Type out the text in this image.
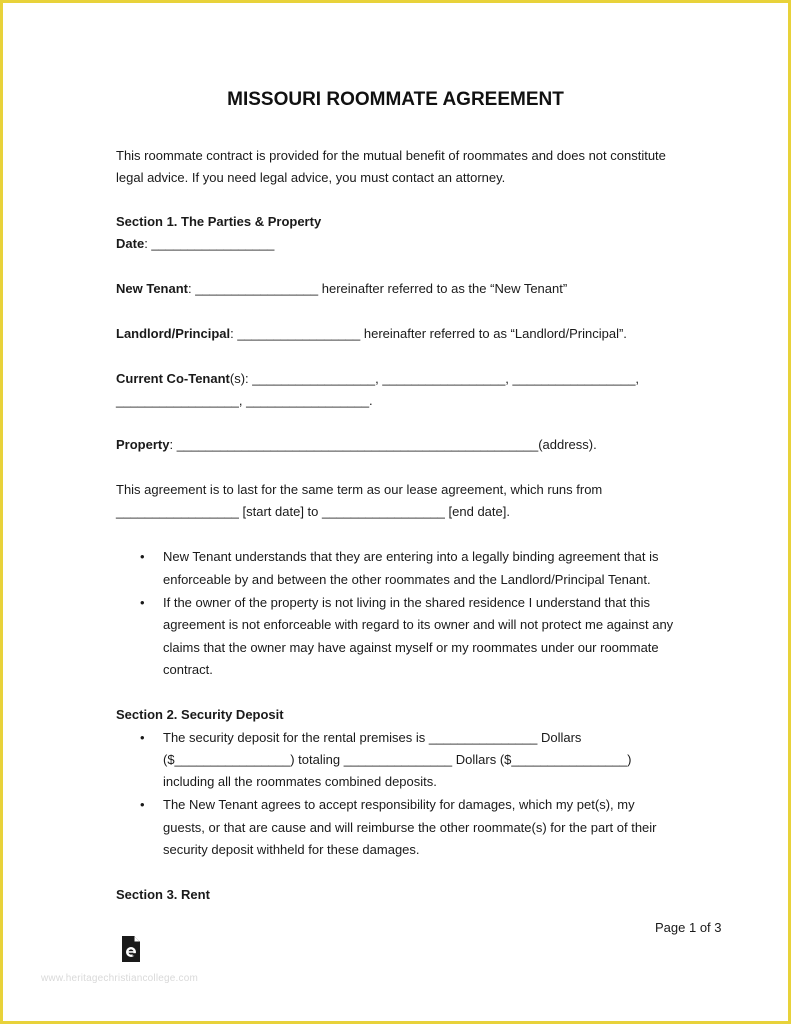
MISSOURI ROOMMATE AGREEMENT
This roommate contract is provided for the mutual benefit of roommates and does not constitute
legal advice. If you need legal advice, you must contact an attorney.
Section 1. The Parties & Property
Date: _________________
New Tenant: _________________ hereinafter referred to as the “New Tenant”
Landlord/Principal: _________________ hereinafter referred to as “Landlord/Principal”.
Current Co-Tenant(s): _________________, _________________, _________________,
_________________, _________________.
Property: __________________________________________________(address).
This agreement is to last for the same term as our lease agreement, which runs from
_________________ [start date] to _________________ [end date].
• New Tenant understands that they are entering into a legally binding agreement that is
enforceable by and between the other roommates and the Landlord/Principal Tenant.
• If the owner of the property is not living in the shared residence I understand that this
agreement is not enforceable with regard to its owner and will not protect me against any
claims that the owner may have against myself or my roommates under our roommate
contract.
Section 2. Security Deposit
• The security deposit for the rental premises is _______________ Dollars
($________________) totaling _______________ Dollars ($________________)
including all the roommates combined deposits.
• The New Tenant agrees to accept responsibility for damages, which my pet(s), my
guests, or that are cause and will reimburse the other roommate(s) for the part of their
security deposit withheld for these damages.
Section 3. Rent
Page 1 of 3
www.heritagechristiancollege.com
